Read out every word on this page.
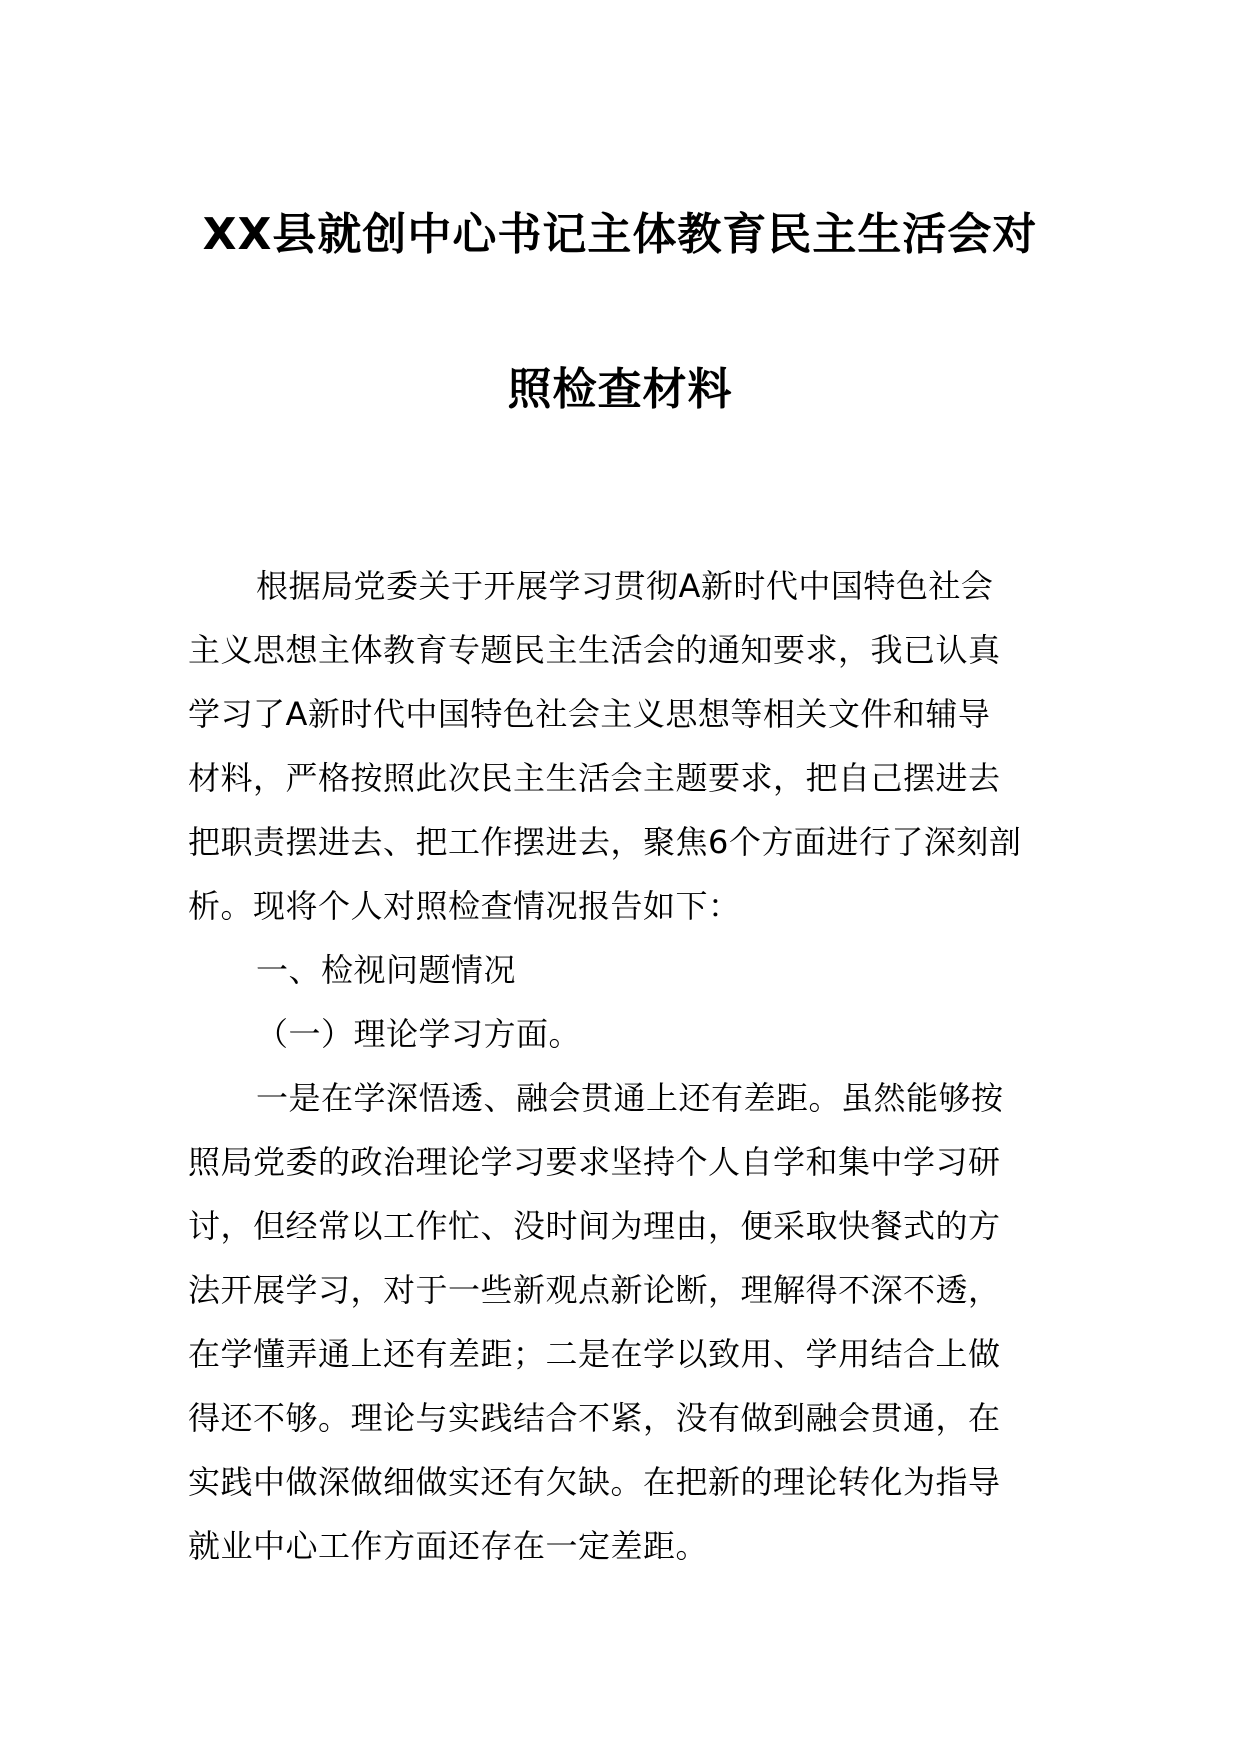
XX县就创中心书记主体教育民主生活会对
照检查材料
根据局党委关于开展学习贯彻A新时代中国特色社会
主义思想主体教育专题民主生活会的通知要求，我已认真
学习了A新时代中国特色社会主义思想等相关文件和辅导
材料，严格按照此次民主生活会主题要求，把自己摆进去
把职责摆进去、把工作摆进去，聚焦6个方面进行了深刻剖
析。现将个人对照检查情况报告如下：
一、检视问题情况
（一）理论学习方面。
一是在学深悟透、融会贯通上还有差距。虽然能够按
照局党委的政治理论学习要求坚持个人自学和集中学习研
讨，但经常以工作忙、没时间为理由，便采取快餐式的方
法开展学习，对于一些新观点新论断，理解得不深不透，
在学懂弄通上还有差距；二是在学以致用、学用结合上做
得还不够。理论与实践结合不紧，没有做到融会贯通，在
实践中做深做细做实还有欠缺。在把新的理论转化为指导
就业中心工作方面还存在一定差距。
